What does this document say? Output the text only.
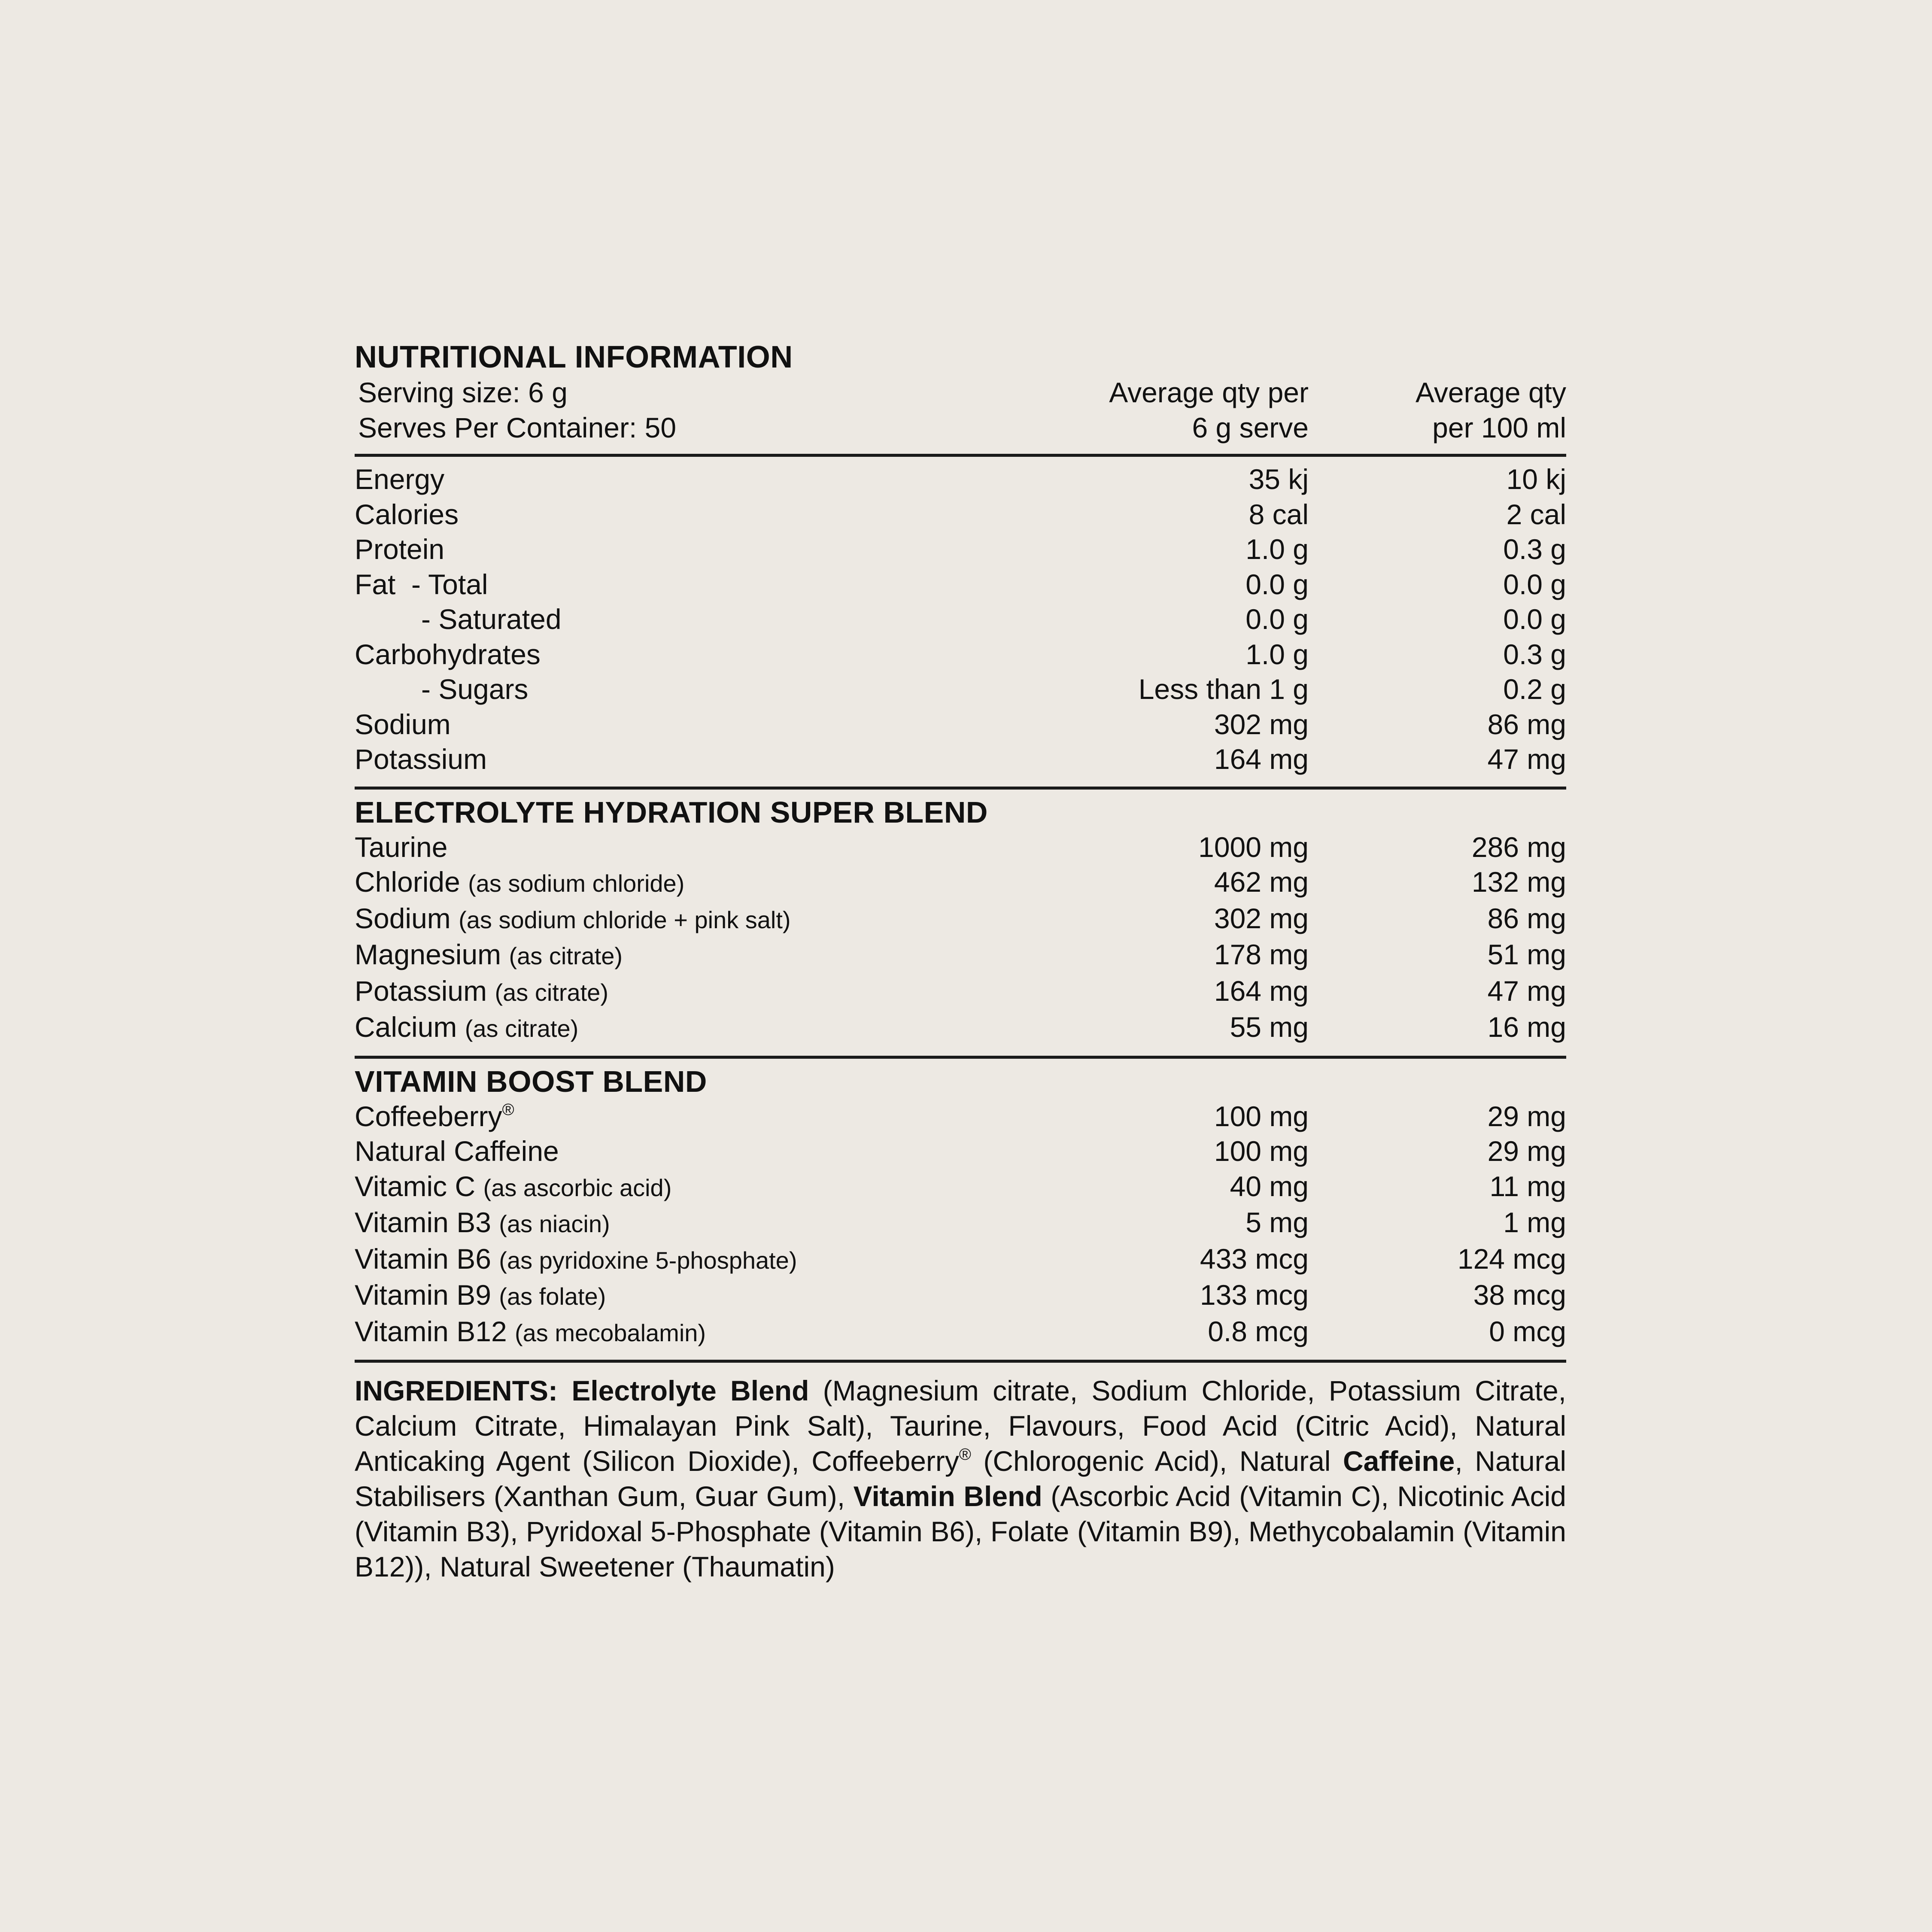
NUTRITIONAL INFORMATION
Serving size: 6 g
Serves Per Container: 50
Average qty per
6 g serve
Average qty
per 100 ml
Energy	35 kj	10 kj
Calories	8 cal	2 cal
Protein	1.0 g	0.3 g
Fat  - Total	0.0 g	0.0 g
- Saturated	0.0 g	0.0 g
Carbohydrates	1.0 g	0.3 g
- Sugars	Less than 1 g	0.2 g
Sodium	302 mg	86 mg
Potassium	164 mg	47 mg
ELECTROLYTE HYDRATION SUPER BLEND
Taurine	1000 mg	286 mg
Chloride (as sodium chloride)	462 mg	132 mg
Sodium (as sodium chloride + pink salt)	302 mg	86 mg
Magnesium (as citrate)	178 mg	51 mg
Potassium (as citrate)	164 mg	47 mg
Calcium (as citrate)	55 mg	16 mg
VITAMIN BOOST BLEND
Coffeeberry®	100 mg	29 mg
Natural Caffeine	100 mg	29 mg
Vitamic C (as ascorbic acid)	40 mg	11 mg
Vitamin B3 (as niacin)	5 mg	1 mg
Vitamin B6 (as pyridoxine 5-phosphate)	433 mcg	124 mcg
Vitamin B9 (as folate)	133 mcg	38 mcg
Vitamin B12 (as mecobalamin)	0.8 mcg	0 mcg

INGREDIENTS: Electrolyte Blend (Magnesium citrate, Sodium Chloride, Potassium Citrate, Calcium Citrate, Himalayan Pink Salt), Taurine, Flavours, Food Acid (Citric Acid), Natural Anticaking Agent (Silicon Dioxide), Coffeeberry® (Chlorogenic Acid), Natural Caffeine, Natural Stabilisers (Xanthan Gum, Guar Gum), Vitamin Blend (Ascorbic Acid (Vitamin C), Nicotinic Acid (Vitamin B3), Pyridoxal 5-Phosphate (Vitamin B6), Folate (Vitamin B9), Methycobalamin (Vitamin B12)), Natural Sweetener (Thaumatin)
